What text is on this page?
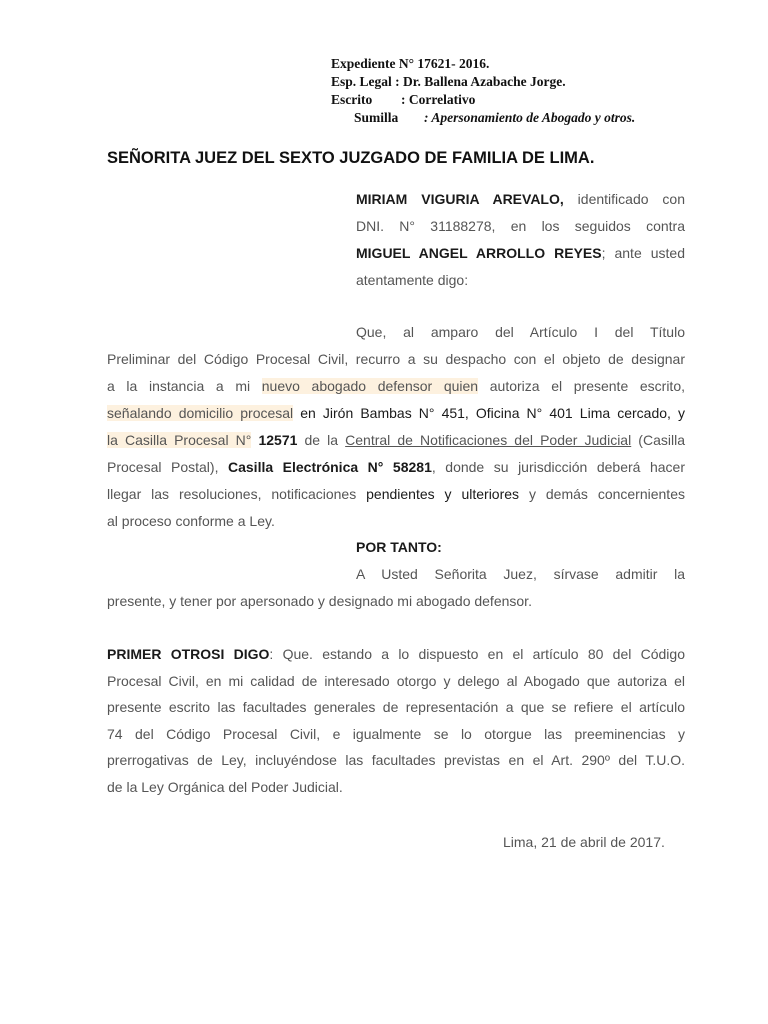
Expediente N° 17621- 2016.
Esp. Legal : Dr. Ballena Azabache Jorge.
Escrito : Correlativo
Sumilla : Apersonamiento de Abogado y otros.
SEÑORITA JUEZ DEL SEXTO JUZGADO DE FAMILIA DE LIMA.
MIRIAM VIGURIA AREVALO, identificado con
DNI. N° 31188278, en los seguidos contra
MIGUEL ANGEL ARROLLO REYES; ante usted
atentamente digo:
Que, al amparo del Artículo I del Título
Preliminar del Código Procesal Civil, recurro a su despacho con el objeto de designar
a la instancia a mi nuevo abogado defensor quien autoriza el presente escrito,
señalando domicilio procesal en Jirón Bambas N° 451, Oficina N° 401 Lima cercado, y
la Casilla Procesal N° 12571 de la Central de Notificaciones del Poder Judicial (Casilla
Procesal Postal), Casilla Electrónica N° 58281, donde su jurisdicción deberá hacer
llegar las resoluciones, notificaciones pendientes y ulteriores y demás concernientes
al proceso conforme a Ley.
POR TANTO:
A Usted Señorita Juez, sírvase admitir la
presente, y tener por apersonado y designado mi abogado defensor.
PRIMER OTROSI DIGO: Que. estando a lo dispuesto en el artículo 80 del Código
Procesal Civil, en mi calidad de interesado otorgo y delego al Abogado que autoriza el
presente escrito las facultades generales de representación a que se refiere el artículo
74 del Código Procesal Civil, e igualmente se lo otorgue las preeminencias y
prerrogativas de Ley, incluyéndose las facultades previstas en el Art. 290º del T.U.O.
de la Ley Orgánica del Poder Judicial.
Lima, 21 de abril de 2017.
